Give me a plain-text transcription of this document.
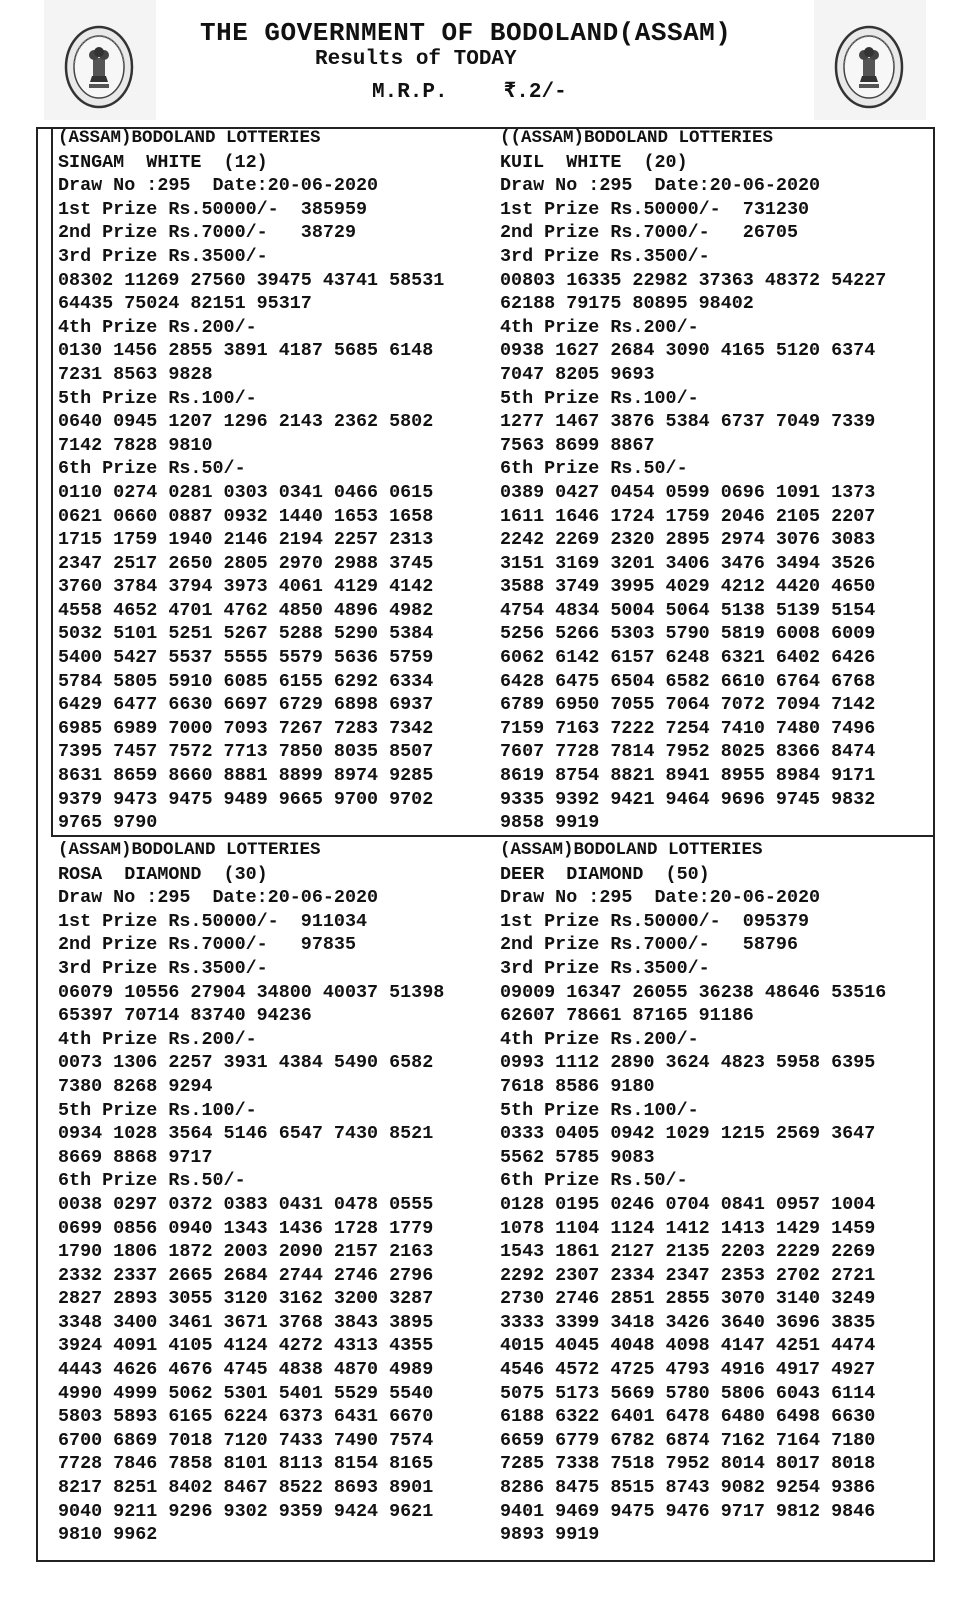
THE GOVERNMENT OF BODOLAND(ASSAM)
Results of TODAY
M.R.P.	₹.2/-
(ASSAM)BODOLAND LOTTERIES
SINGAM  WHITE  (12)
Draw No :295  Date:20-06-2020
1st Prize Rs.50000/-  385959
2nd Prize Rs.7000/-   38729
3rd Prize Rs.3500/-
08302 11269 27560 39475 43741 58531
64435 75024 82151 95317
4th Prize Rs.200/-
0130 1456 2855 3891 4187 5685 6148
7231 8563 9828
5th Prize Rs.100/-
0640 0945 1207 1296 2143 2362 5802
7142 7828 9810
6th Prize Rs.50/-
0110 0274 0281 0303 0341 0466 0615
0621 0660 0887 0932 1440 1653 1658
1715 1759 1940 2146 2194 2257 2313
2347 2517 2650 2805 2970 2988 3745
3760 3784 3794 3973 4061 4129 4142
4558 4652 4701 4762 4850 4896 4982
5032 5101 5251 5267 5288 5290 5384
5400 5427 5537 5555 5579 5636 5759
5784 5805 5910 6085 6155 6292 6334
6429 6477 6630 6697 6729 6898 6937
6985 6989 7000 7093 7267 7283 7342
7395 7457 7572 7713 7850 8035 8507
8631 8659 8660 8881 8899 8974 9285
9379 9473 9475 9489 9665 9700 9702
9765 9790
((ASSAM)BODOLAND LOTTERIES
KUIL  WHITE  (20)
Draw No :295  Date:20-06-2020
1st Prize Rs.50000/-  731230
2nd Prize Rs.7000/-   26705
3rd Prize Rs.3500/-
00803 16335 22982 37363 48372 54227
62188 79175 80895 98402
4th Prize Rs.200/-
0938 1627 2684 3090 4165 5120 6374
7047 8205 9693
5th Prize Rs.100/-
1277 1467 3876 5384 6737 7049 7339
7563 8699 8867
6th Prize Rs.50/-
0389 0427 0454 0599 0696 1091 1373
1611 1646 1724 1759 2046 2105 2207
2242 2269 2320 2895 2974 3076 3083
3151 3169 3201 3406 3476 3494 3526
3588 3749 3995 4029 4212 4420 4650
4754 4834 5004 5064 5138 5139 5154
5256 5266 5303 5790 5819 6008 6009
6062 6142 6157 6248 6321 6402 6426
6428 6475 6504 6582 6610 6764 6768
6789 6950 7055 7064 7072 7094 7142
7159 7163 7222 7254 7410 7480 7496
7607 7728 7814 7952 8025 8366 8474
8619 8754 8821 8941 8955 8984 9171
9335 9392 9421 9464 9696 9745 9832
9858 9919
(ASSAM)BODOLAND LOTTERIES
ROSA  DIAMOND  (30)
Draw No :295  Date:20-06-2020
1st Prize Rs.50000/-  911034
2nd Prize Rs.7000/-   97835
3rd Prize Rs.3500/-
06079 10556 27904 34800 40037 51398
65397 70714 83740 94236
4th Prize Rs.200/-
0073 1306 2257 3931 4384 5490 6582
7380 8268 9294
5th Prize Rs.100/-
0934 1028 3564 5146 6547 7430 8521
8669 8868 9717
6th Prize Rs.50/-
0038 0297 0372 0383 0431 0478 0555
0699 0856 0940 1343 1436 1728 1779
1790 1806 1872 2003 2090 2157 2163
2332 2337 2665 2684 2744 2746 2796
2827 2893 3055 3120 3162 3200 3287
3348 3400 3461 3671 3768 3843 3895
3924 4091 4105 4124 4272 4313 4355
4443 4626 4676 4745 4838 4870 4989
4990 4999 5062 5301 5401 5529 5540
5803 5893 6165 6224 6373 6431 6670
6700 6869 7018 7120 7433 7490 7574
7728 7846 7858 8101 8113 8154 8165
8217 8251 8402 8467 8522 8693 8901
9040 9211 9296 9302 9359 9424 9621
9810 9962
(ASSAM)BODOLAND LOTTERIES
DEER  DIAMOND  (50)
Draw No :295  Date:20-06-2020
1st Prize Rs.50000/-  095379
2nd Prize Rs.7000/-   58796
3rd Prize Rs.3500/-
09009 16347 26055 36238 48646 53516
62607 78661 87165 91186
4th Prize Rs.200/-
0993 1112 2890 3624 4823 5958 6395
7618 8586 9180
5th Prize Rs.100/-
0333 0405 0942 1029 1215 2569 3647
5562 5785 9083
6th Prize Rs.50/-
0128 0195 0246 0704 0841 0957 1004
1078 1104 1124 1412 1413 1429 1459
1543 1861 2127 2135 2203 2229 2269
2292 2307 2334 2347 2353 2702 2721
2730 2746 2851 2855 3070 3140 3249
3333 3399 3418 3426 3640 3696 3835
4015 4045 4048 4098 4147 4251 4474
4546 4572 4725 4793 4916 4917 4927
5075 5173 5669 5780 5806 6043 6114
6188 6322 6401 6478 6480 6498 6630
6659 6779 6782 6874 7162 7164 7180
7285 7338 7518 7952 8014 8017 8018
8286 8475 8515 8743 9082 9254 9386
9401 9469 9475 9476 9717 9812 9846
9893 9919
